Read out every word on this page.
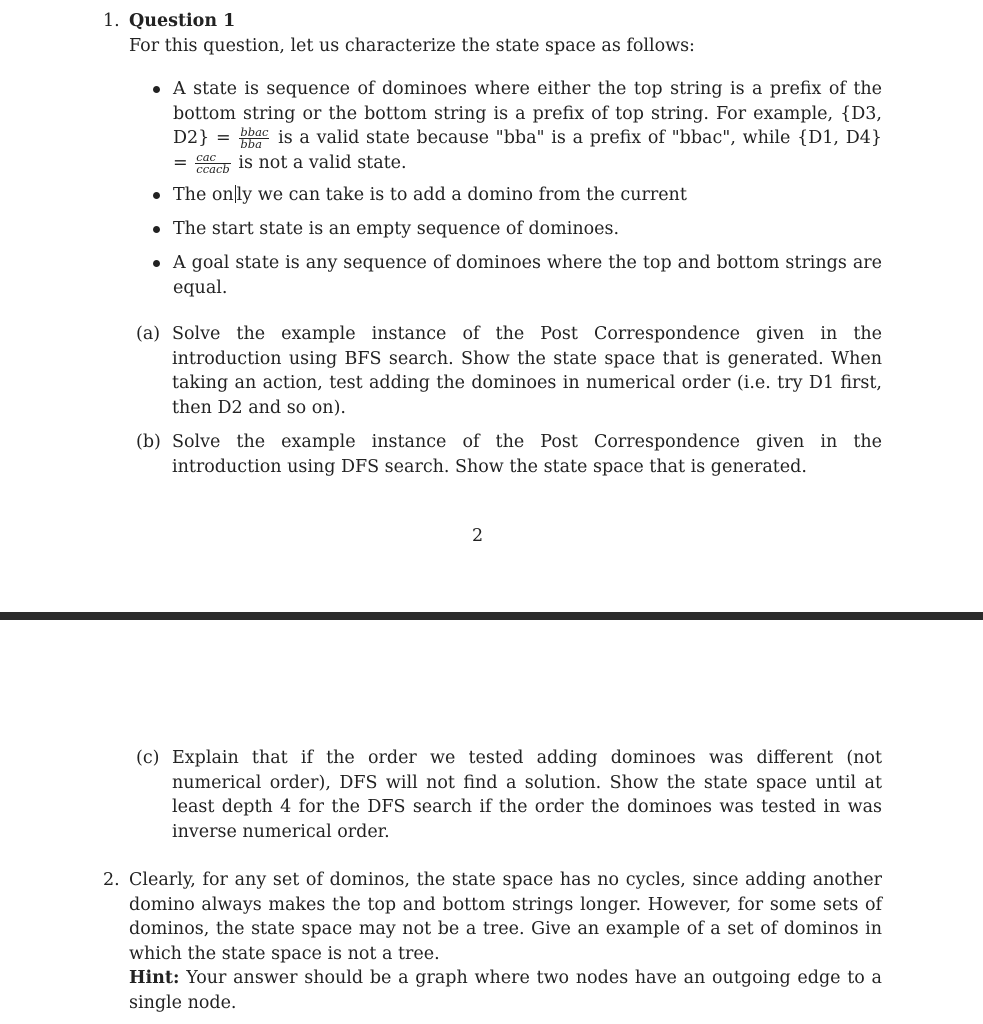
1. Question 1
For this question, let us characterize the state space as follows:
A state is sequence of dominoes where either the top string is a prefix of the bottom string or the bottom string is a prefix of top string. For example, {D3, $D2\} = \frac{\text{bbac}}{\text{bba}}$ is a valid state because "bba" is a prefix of "bbac", while {D1, $D4\} = \frac{\text{cac}}{\text{ccacb}}$ is not a valid state.
The on ly we can take is to add a domino from the current
The start state is an empty sequence of dominoes.
A goal state is any sequence of dominoes where the top and bottom strings are equal.
(a) Solve the example instance of the Post Correspondence given in the introduction using BFS search. Show the state space that is generated. When taking an action, test adding the dominoes in numerical order (i.e. try D1 first, then D2 and so on).
(b) Solve the example instance of the Post Correspondence given in the introduction using DFS search. Show the state space that is generated.
2
(c) Explain that if the order we tested adding dominoes was different (not numerical order), DFS will not find a solution. Show the state space until at least depth 4 for the DFS search if the order the dominoes was tested in was inverse numerical order.
2. Clearly, for any set of dominos, the state space has no cycles, since adding another domino always makes the top and bottom strings longer. However, for some sets of dominos, the state space may not be a tree. Give an example of a set of dominos in which the state space is not a tree.
Hint: Your answer should be a graph where two nodes have an outgoing edge to a single node.
